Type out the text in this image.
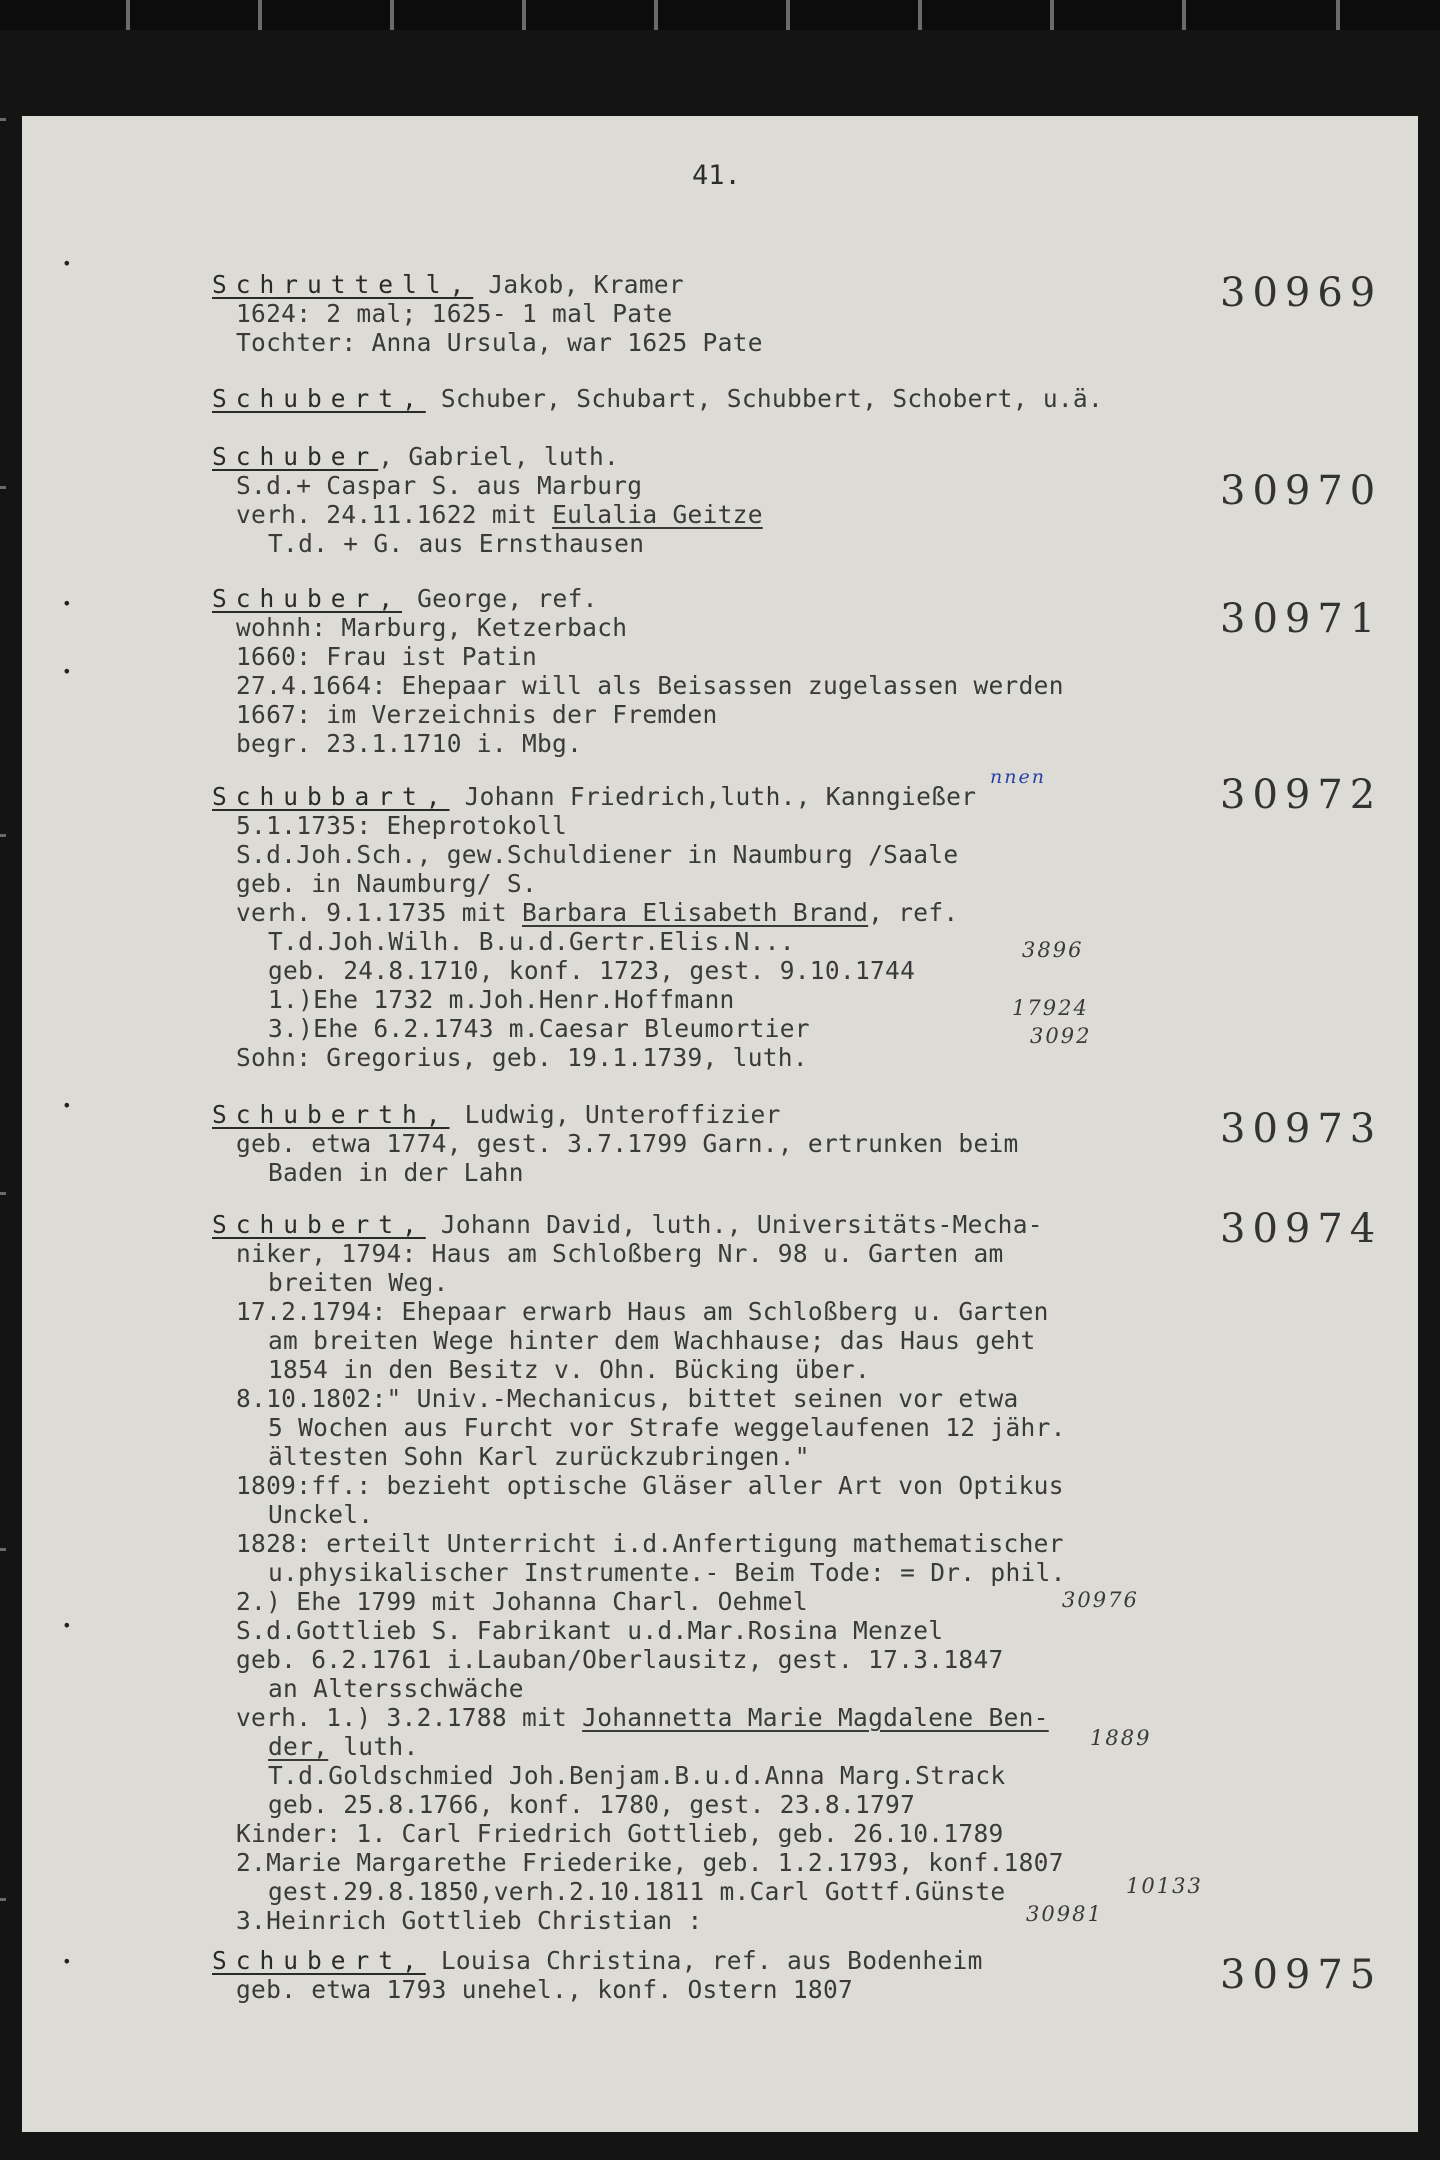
•
•
•
•
•
•
41.
Schruttell, Jakob, Kramer
1624: 2 mal; 1625- 1 mal Pate
Tochter: Anna Ursula, war 1625 Pate
30969
Schubert, Schuber, Schubart, Schubbert, Schobert, u.ä.
Schuber, Gabriel, luth.
S.d.+ Caspar S. aus Marburg
verh. 24.11.1622 mit Eulalia Geitze
T.d. + G. aus Ernsthausen
30970
Schuber, George, ref.
wohnh: Marburg, Ketzerbach
1660: Frau ist Patin
27.4.1664: Ehepaar will als Beisassen zugelassen werden
1667: im Verzeichnis der Fremden
begr. 23.1.1710 i. Mbg.
30971
Schubbart, Johann Friedrich,luth., Kanngießer
5.1.1735: Eheprotokoll
S.d.Joh.Sch., gew.Schuldiener in Naumburg /Saale
geb. in Naumburg/ S.
verh. 9.1.1735 mit Barbara Elisabeth Brand, ref.
T.d.Joh.Wilh. B.u.d.Gertr.Elis.N...
geb. 24.8.1710, konf. 1723, gest. 9.10.1744
1.)Ehe 1732 m.Joh.Henr.Hoffmann
3.)Ehe 6.2.1743 m.Caesar Bleumortier
Sohn: Gregorius, geb. 19.1.1739, luth.
30972
nnen
3896
17924
3092
Schuberth, Ludwig, Unteroffizier
geb. etwa 1774, gest. 3.7.1799 Garn., ertrunken beim
Baden in der Lahn
30973
Schubert, Johann David, luth., Universitäts-Mecha-
niker, 1794: Haus am Schloßberg Nr. 98 u. Garten am
breiten Weg.
17.2.1794: Ehepaar erwarb Haus am Schloßberg u. Garten
am breiten Wege hinter dem Wachhause; das Haus geht
1854 in den Besitz v. Ohn. Bücking über.
8.10.1802:" Univ.-Mechanicus, bittet seinen vor etwa
5 Wochen aus Furcht vor Strafe weggelaufenen 12 jähr.
ältesten Sohn Karl zurückzubringen."
1809:ff.: bezieht optische Gläser aller Art von Optikus
Unckel.
1828: erteilt Unterricht i.d.Anfertigung mathematischer
u.physikalischer Instrumente.- Beim Tode: = Dr. phil.
2.) Ehe 1799 mit Johanna Charl. Oehmel
S.d.Gottlieb S. Fabrikant u.d.Mar.Rosina Menzel
geb. 6.2.1761 i.Lauban/Oberlausitz, gest. 17.3.1847
an Altersschwäche
verh. 1.) 3.2.1788 mit Johannetta Marie Magdalene Ben-
der, luth.
T.d.Goldschmied Joh.Benjam.B.u.d.Anna Marg.Strack
geb. 25.8.1766, konf. 1780, gest. 23.8.1797
Kinder: 1. Carl Friedrich Gottlieb, geb. 26.10.1789
2.Marie Margarethe Friederike, geb. 1.2.1793, konf.1807
gest.29.8.1850,verh.2.10.1811 m.Carl Gottf.Günste
3.Heinrich Gottlieb Christian :
30974
30976
1889
10133
30981
Schubert, Louisa Christina, ref. aus Bodenheim
geb. etwa 1793 unehel., konf. Ostern 1807	30975
